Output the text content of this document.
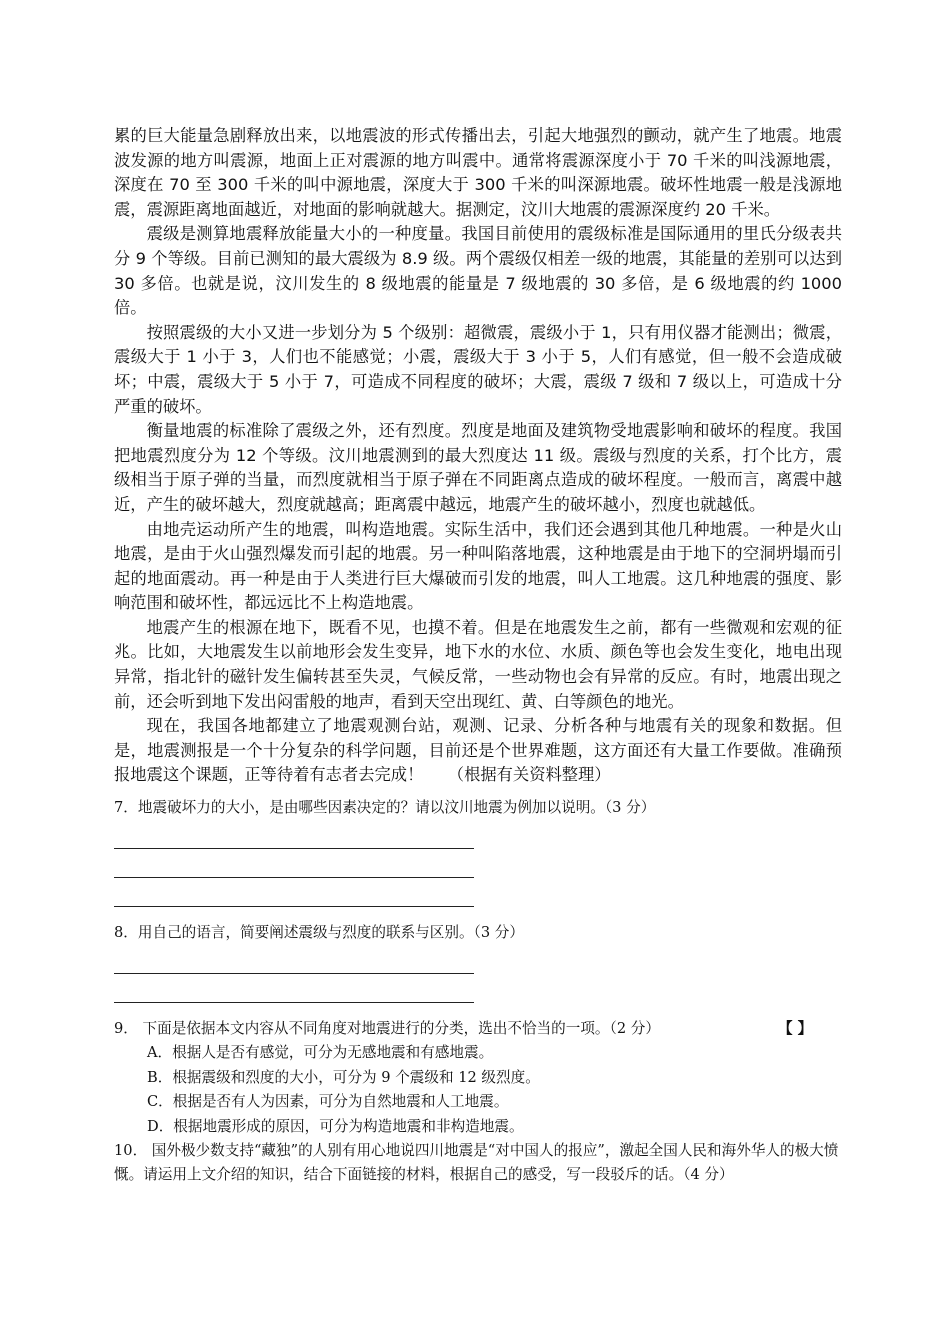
累的巨大能量急剧释放出来，以地震波的形式传播出去，引起大地强烈的颤动，就产生了地震。地震波发源的地方叫震源，地面上正对震源的地方叫震中。通常将震源深度小于 70 千米的叫浅源地震，深度在 70 至 300 千米的叫中源地震，深度大于 300 千米的叫深源地震。破坏性地震一般是浅源地震，震源距离地面越近，对地面的影响就越大。据测定，汶川大地震的震源深度约 20 千米。

震级是测算地震释放能量大小的一种度量。我国目前使用的震级标准是国际通用的里氏分级表共分 9 个等级。目前已测知的最大震级为 8.9 级。两个震级仅相差一级的地震，其能量的差别可以达到 30 多倍。也就是说，汶川发生的 8 级地震的能量是 7 级地震的 30 多倍，是 6 级地震的约 1000 倍。

按照震级的大小又进一步划分为 5 个级别：超微震，震级小于 1，只有用仪器才能测出；微震，震级大于 1 小于 3，人们也不能感觉；小震，震级大于 3 小于 5，人们有感觉，但一般不会造成破坏；中震，震级大于 5 小于 7，可造成不同程度的破坏；大震，震级 7 级和 7 级以上，可造成十分严重的破坏。

衡量地震的标准除了震级之外，还有烈度。烈度是地面及建筑物受地震影响和破坏的程度。我国把地震烈度分为 12 个等级。汶川地震测到的最大烈度达 11 级。震级与烈度的关系，打个比方，震级相当于原子弹的当量，而烈度就相当于原子弹在不同距离点造成的破坏程度。一般而言，离震中越近，产生的破坏越大，烈度就越高；距离震中越远，地震产生的破坏越小，烈度也就越低。

由地壳运动所产生的地震，叫构造地震。实际生活中，我们还会遇到其他几种地震。一种是火山地震，是由于火山强烈爆发而引起的地震。另一种叫陷落地震，这种地震是由于地下的空洞坍塌而引起的地面震动。再一种是由于人类进行巨大爆破而引发的地震，叫人工地震。这几种地震的强度、影响范围和破坏性，都远远比不上构造地震。

地震产生的根源在地下，既看不见，也摸不着。但是在地震发生之前，都有一些微观和宏观的征兆。比如，大地震发生以前地形会发生变异，地下水的水位、水质、颜色等也会发生变化，地电出现异常，指北针的磁针发生偏转甚至失灵，气候反常，一些动物也会有异常的反应。有时，地震出现之前，还会听到地下发出闷雷般的地声，看到天空出现红、黄、白等颜色的地光。

现在，我国各地都建立了地震观测台站，观测、记录、分析各种与地震有关的现象和数据。但是，地震测报是一个十分复杂的科学问题，目前还是个世界难题，这方面还有大量工作要做。准确预报地震这个课题，正等待着有志者去完成！ （根据有关资料整理）

7．地震破坏力的大小，是由哪些因素决定的？请以汶川地震为例加以说明。（3 分）

8．用自己的语言，简要阐述震级与烈度的联系与区别。（3 分）

9． 下面是依据本文内容从不同角度对地震进行的分类，选出不恰当的一项。（2 分）	【 】

A．根据人是否有感觉，可分为无感地震和有感地震。

B．根据震级和烈度的大小，可分为 9 个震级和 12 级烈度。

C．根据是否有人为因素，可分为自然地震和人工地震。

D．根据地震形成的原因，可分为构造地震和非构造地震。

10． 国外极少数支持“藏独”的人别有用心地说四川地震是“对中国人的报应”，激起全国人民和海外华人的极大愤慨。请运用上文介绍的知识，结合下面链接的材料，根据自己的感受，写一段驳斥的话。（4 分）
